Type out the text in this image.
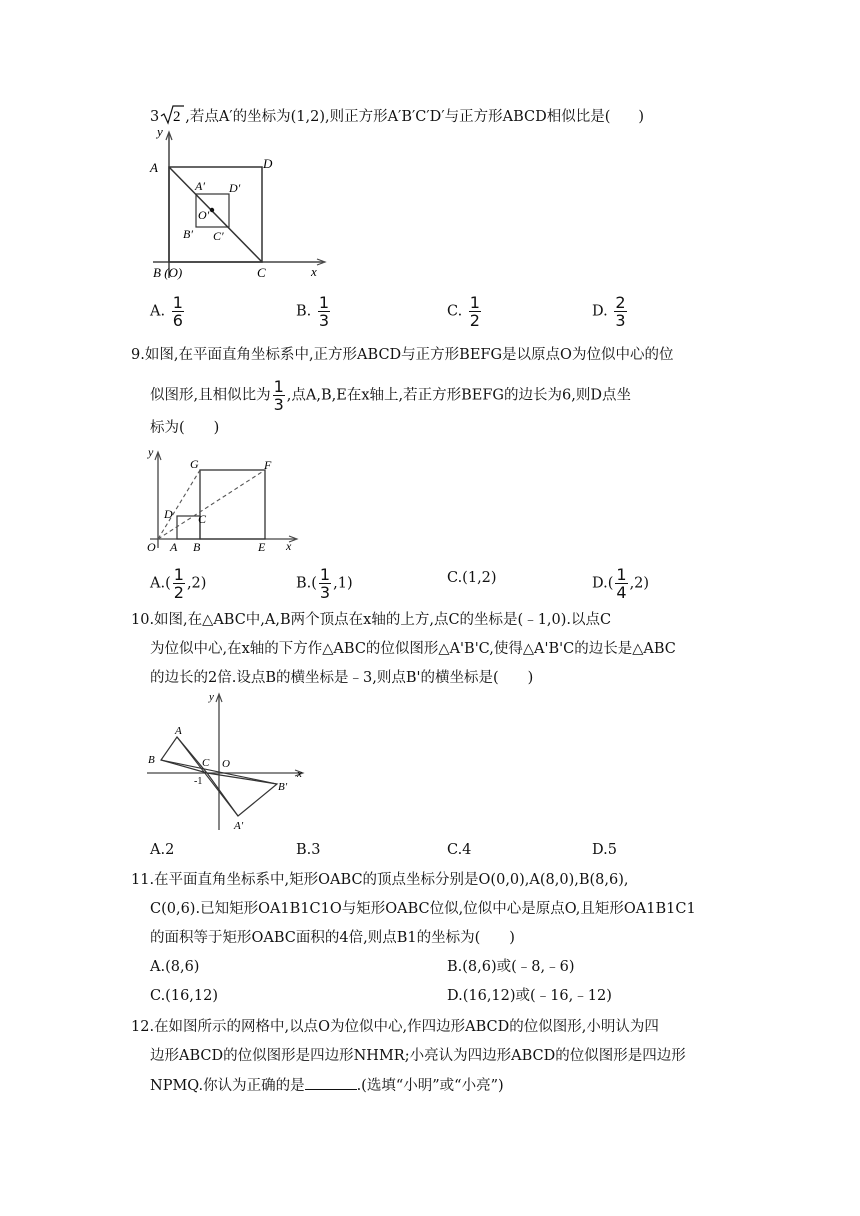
3 2 ,若点A′的坐标为(1,2),则正方形A′B′C′D′与正方形ABCD相似比是( )
y
A	D
A′ D′
O′
B′ C′
B (O)	C	x
A. $\frac{1}{6}$	B. $\frac{1}{3}$	C. $\frac{1}{2}$	D. $\frac{2}{3}$
9.如图,在平面直角坐标系中,正方形ABCD与正方形BEFG是以原点O为位似中心的位
似图形,且相似比为 $\frac{1}{3}$ ,点A,B,E在x轴上,若正方形BEFG的边长为6,则D点坐
标为(　　)
y
G	F
D C
O A B	E x
$A.( \frac{1}{2} ,2)$	$B.( \frac{1}{3} ,1)$	C.(1,2)	$D.( \frac{1}{4} ,2)$
10.如图,在△ABC中,A,B两个顶点在x轴的上方,点C的坐标是(﹣1,0).以点C
为位似中心,在x轴的下方作△ABC的位似图形△A'B'C,使得△A'B'C的边长是△ABC
的边长的2倍.设点B的横坐标是﹣3,则点B'的横坐标是(　　)
y
A
B	C O
-1
x
B′
A′
A.2	B.3	C.4	D.5
11.在平面直角坐标系中,矩形OABC的顶点坐标分别是O(0,0),A(8,0),B(8,6),
C(0,6).已知矩形OA1B1C1O与矩形OABC位似,位似中心是原点O,且矩形OA1B1C1
的面积等于矩形OABC面积的4倍,则点B1的坐标为(　　)
A.(8,6)	B.(8,6)或(﹣8,﹣6)
C.(16,12)	D.(16,12)或(﹣16,﹣12)
12.在如图所示的网格中,以点O为位似中心,作四边形ABCD的位似图形,小明认为四
边形ABCD的位似图形是四边形NHMR;小亮认为四边形ABCD的位似图形是四边形
NPMQ.你认为正确的是	.(选填“小明”或“小亮”)
